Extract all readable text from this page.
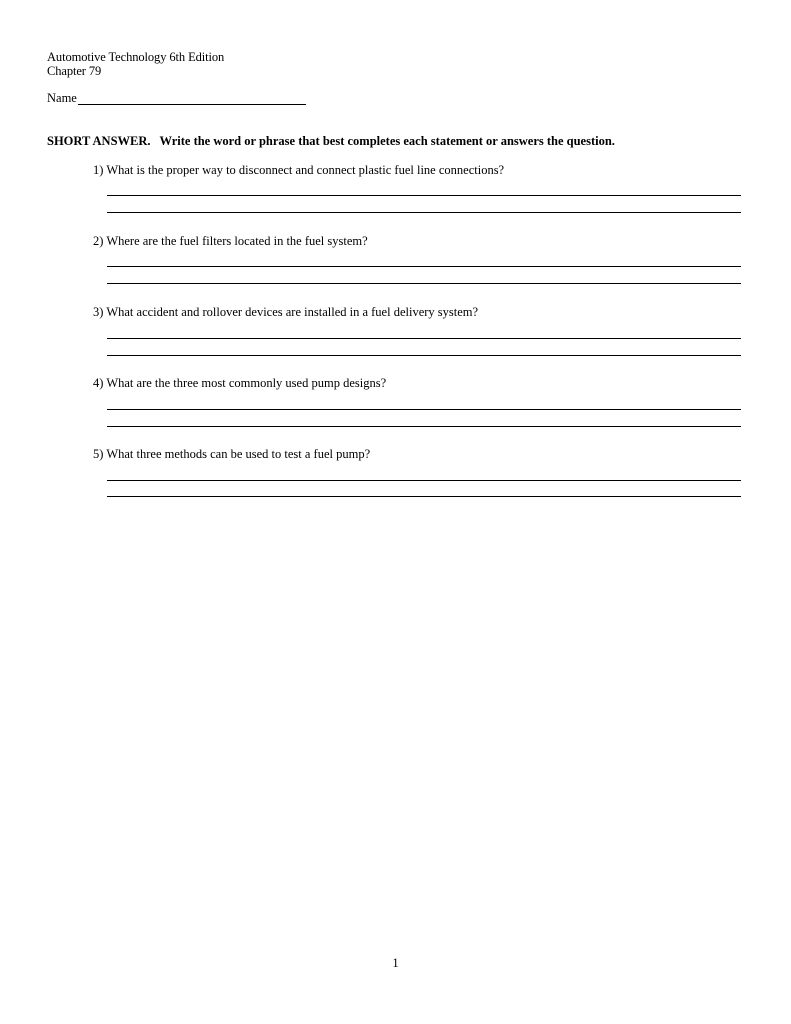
Automotive Technology 6th Edition
Chapter 79
Name
SHORT ANSWER. Write the word or phrase that best completes each statement or answers the question.
1) What is the proper way to disconnect and connect plastic fuel line connections?
2) Where are the fuel filters located in the fuel system?
3) What accident and rollover devices are installed in a fuel delivery system?
4) What are the three most commonly used pump designs?
5) What three methods can be used to test a fuel pump?
1
